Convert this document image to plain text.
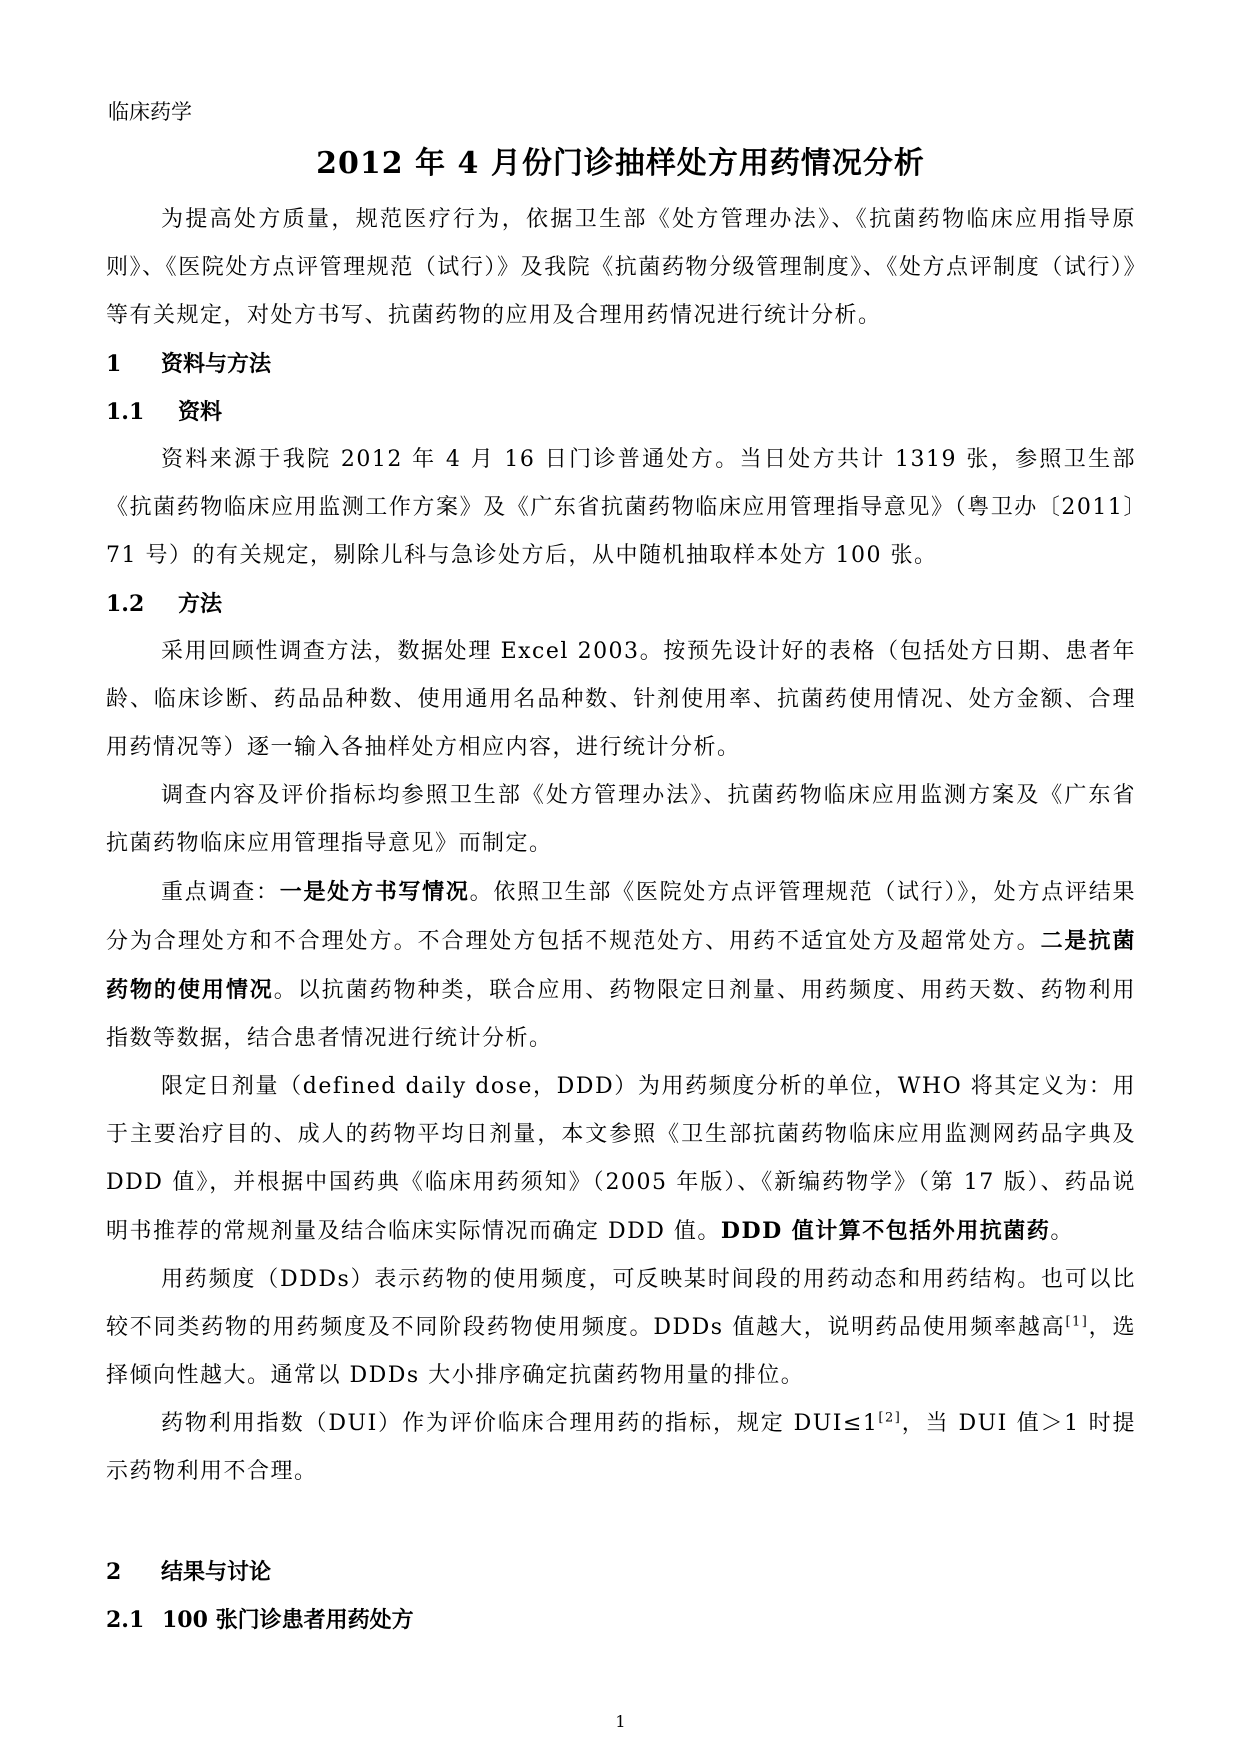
临床药学
2012 年 4 月份门诊抽样处方用药情况分析

为提高处方质量，规范医疗行为，依据卫生部《处方管理办法》、《抗菌药物临床应用指导原则》、《医院处方点评管理规范（试行）》及我院《抗菌药物分级管理制度》、《处方点评制度（试行）》等有关规定，对处方书写、抗菌药物的应用及合理用药情况进行统计分析。

1 资料与方法
1.1 资料

资料来源于我院 2012 年 4 月 16 日门诊普通处方。当日处方共计 1319 张，参照卫生部《抗菌药物临床应用监测工作方案》及《广东省抗菌药物临床应用管理指导意见》（粤卫办〔2011〕71 号）的有关规定，剔除儿科与急诊处方后，从中随机抽取样本处方 100 张。

1.2 方法

采用回顾性调查方法，数据处理 Excel 2003。按预先设计好的表格（包括处方日期、患者年龄、临床诊断、药品品种数、使用通用名品种数、针剂使用率、抗菌药使用情况、处方金额、合理用药情况等）逐一输入各抽样处方相应内容，进行统计分析。

调查内容及评价指标均参照卫生部《处方管理办法》、抗菌药物临床应用监测方案及《广东省抗菌药物临床应用管理指导意见》而制定。

重点调查：一是处方书写情况。依照卫生部《医院处方点评管理规范（试行）》，处方点评结果分为合理处方和不合理处方。不合理处方包括不规范处方、用药不适宜处方及超常处方。二是抗菌药物的使用情况。以抗菌药物种类，联合应用、药物限定日剂量、用药频度、用药天数、药物利用指数等数据，结合患者情况进行统计分析。

限定日剂量（defined daily dose，DDD）为用药频度分析的单位，WHO 将其定义为：用于主要治疗目的、成人的药物平均日剂量，本文参照《卫生部抗菌药物临床应用监测网药品字典及 DDD 值》，并根据中国药典《临床用药须知》（2005 年版）、《新编药物学》（第 17 版）、药品说明书推荐的常规剂量及结合临床实际情况而确定 DDD 值。DDD 值计算不包括外用抗菌药。

用药频度（DDDs）表示药物的使用频度，可反映某时间段的用药动态和用药结构。也可以比较不同类药物的用药频度及不同阶段药物使用频度。DDDs 值越大，说明药品使用频率越高[1]，选择倾向性越大。通常以 DDDs 大小排序确定抗菌药物用量的排位。

药物利用指数（DUI）作为评价临床合理用药的指标，规定 DUI≤1[2]，当 DUI 值＞1 时提示药物利用不合理。

2 结果与讨论
2.1 100 张门诊患者用药处方
1
